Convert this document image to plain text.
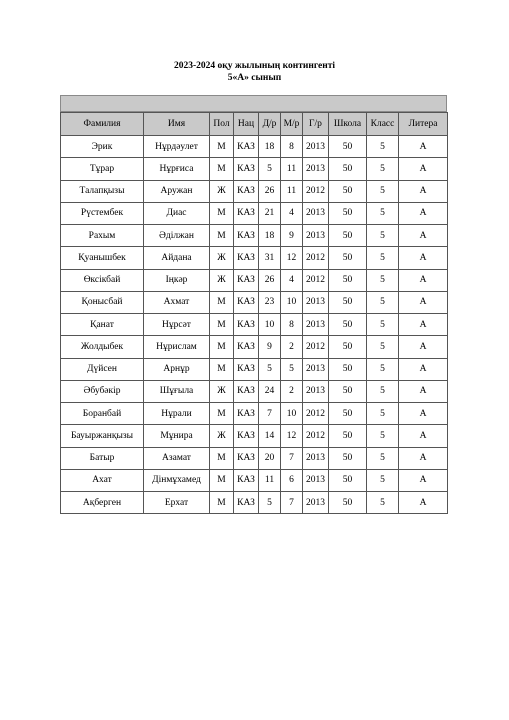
2023-2024 оқу жылының контингенті
5«А» сынып
Фамилия	Имя	Пол	Нац	Д/р	М/р	Г/р	Школа	Класс	Литера
Эрик	Нұрдәулет	М	КАЗ	18	8	2013	50	5	А
Тұрар	Нұрғиса	М	КАЗ	5	11	2013	50	5	А
Талапқызы	Аружан	Ж	КАЗ	26	11	2012	50	5	А
Рүстембек	Диас	М	КАЗ	21	4	2013	50	5	А
Рахым	Әділжан	М	КАЗ	18	9	2013	50	5	А
Қуанышбек	Айдана	Ж	КАЗ	31	12	2012	50	5	А
Өксікбай	Іңкәр	Ж	КАЗ	26	4	2012	50	5	А
Қонысбай	Ахмат	М	КАЗ	23	10	2013	50	5	А
Қанат	Нұрсәт	М	КАЗ	10	8	2013	50	5	А
Жолдыбек	Нұрислам	М	КАЗ	9	2	2012	50	5	А
Дүйсен	Арнұр	М	КАЗ	5	5	2013	50	5	А
Әбубәкір	Шұғыла	Ж	КАЗ	24	2	2013	50	5	А
Боранбай	Нұрали	М	КАЗ	7	10	2012	50	5	А
Бауыржанқызы	Мұнира	Ж	КАЗ	14	12	2012	50	5	А
Батыр	Азамат	М	КАЗ	20	7	2013	50	5	А
Ахат	Дінмұхамед	М	КАЗ	11	6	2013	50	5	А
Ақберген	Ерхат	М	КАЗ	5	7	2013	50	5	А
